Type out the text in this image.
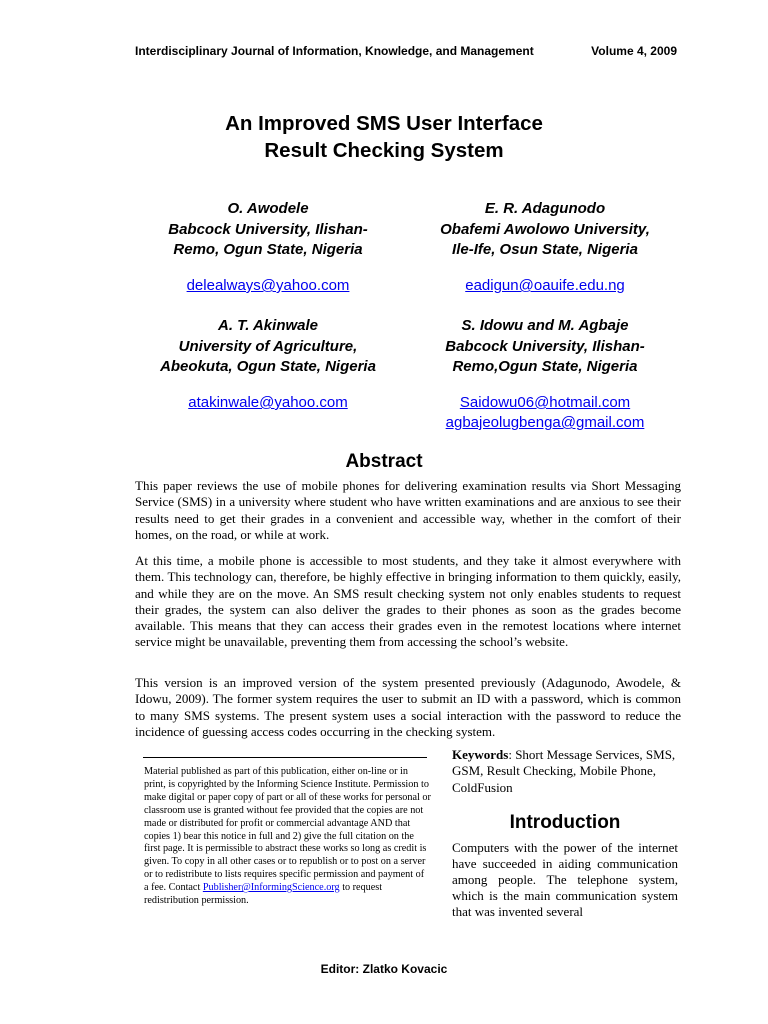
Interdisciplinary Journal of Information, Knowledge, and Management	Volume 4, 2009
An Improved SMS User Interface
Result Checking System
O. Awodele
Babcock University, Ilishan-
Remo, Ogun State, Nigeria
delealways@yahoo.com
E. R. Adagunodo
Obafemi Awolowo University,
Ile-Ife, Osun State, Nigeria
eadigun@oauife.edu.ng
A. T. Akinwale
University of Agriculture,
Abeokuta, Ogun State, Nigeria
atakinwale@yahoo.com
S. Idowu and M. Agbaje
Babcock University, Ilishan-
Remo,Ogun State, Nigeria
Saidowu06@hotmail.com
agbajeolugbenga@gmail.com
Abstract
This paper reviews the use of mobile phones for delivering examination results via Short Messaging Service (SMS) in a university where student who have written examinations and are anxious to see their results need to get their grades in a convenient and accessible way, whether in the comfort of their homes, on the road, or while at work.
At this time, a mobile phone is accessible to most students, and they take it almost everywhere with them. This technology can, therefore, be highly effective in bringing information to them quickly, easily, and while they are on the move. An SMS result checking system not only enables students to request their grades, the system can also deliver the grades to their phones as soon as the grades become available. This means that they can access their grades even in the remotest locations where internet service might be unavailable, preventing them from accessing the school’s website.
This version is an improved version of the system presented previously (Adagunodo, Awodele, & Idowu, 2009). The former system requires the user to submit an ID with a password, which is common to many SMS systems. The present system uses a social interaction with the password to reduce the incidence of guessing access codes occurring in the checking system.
Material published as part of this publication, either on-line or in print, is copyrighted by the Informing Science Institute. Permission to make digital or paper copy of part or all of these works for personal or classroom use is granted without fee provided that the copies are not made or distributed for profit or commercial advantage AND that copies 1) bear this notice in full and 2) give the full citation on the first page. It is permissible to abstract these works so long as credit is given. To copy in all other cases or to republish or to post on a server or to redistribute to lists requires specific permission and payment of a fee. Contact Publisher@InformingScience.org to request redistribution permission.
Keywords: Short Message Services, SMS, GSM, Result Checking, Mobile Phone, ColdFusion
Introduction
Computers with the power of the internet have succeeded in aiding communication among people. The telephone system, which is the main communication system that was invented several
Editor: Zlatko Kovacic
